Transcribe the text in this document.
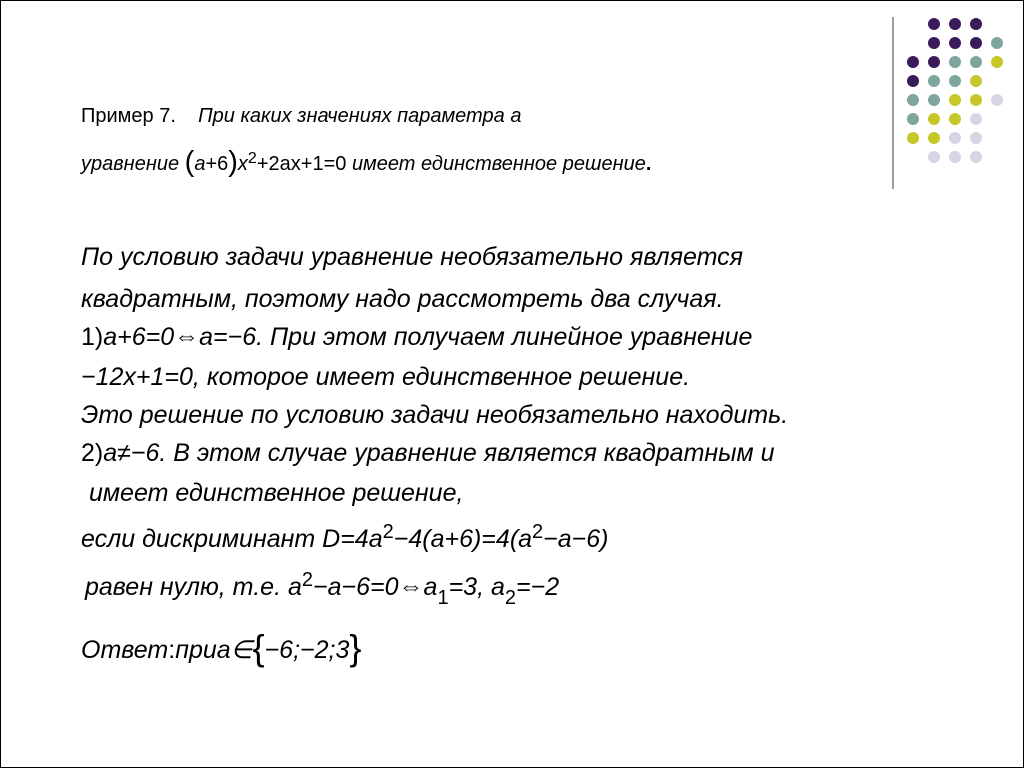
Пример 7. При каких значениях параметра a
уравнение $(a+6)x^2+2ax+1=0$ имеет единственное решение.
По условию задачи уравнение необязательно является
квадратным, поэтому надо рассмотреть два случая.
1)a+6=0⇔a=−6. При этом получаем линейное уравнение
−12x+1=0, которое имеет единственное решение.
Это решение по условию задачи необязательно находить.
2)a≠−6. В этом случае уравнение является квадратным и
имеет единственное решение,
если дискриминант $D=4a^2-4(a+6)=4(a^2-a-6)$
равен нулю, т.е. $a^2-a-6=0\Leftrightarrow a_1=3$, $a_2=-2$
Ответ:приa∈{−6;−2;3}
